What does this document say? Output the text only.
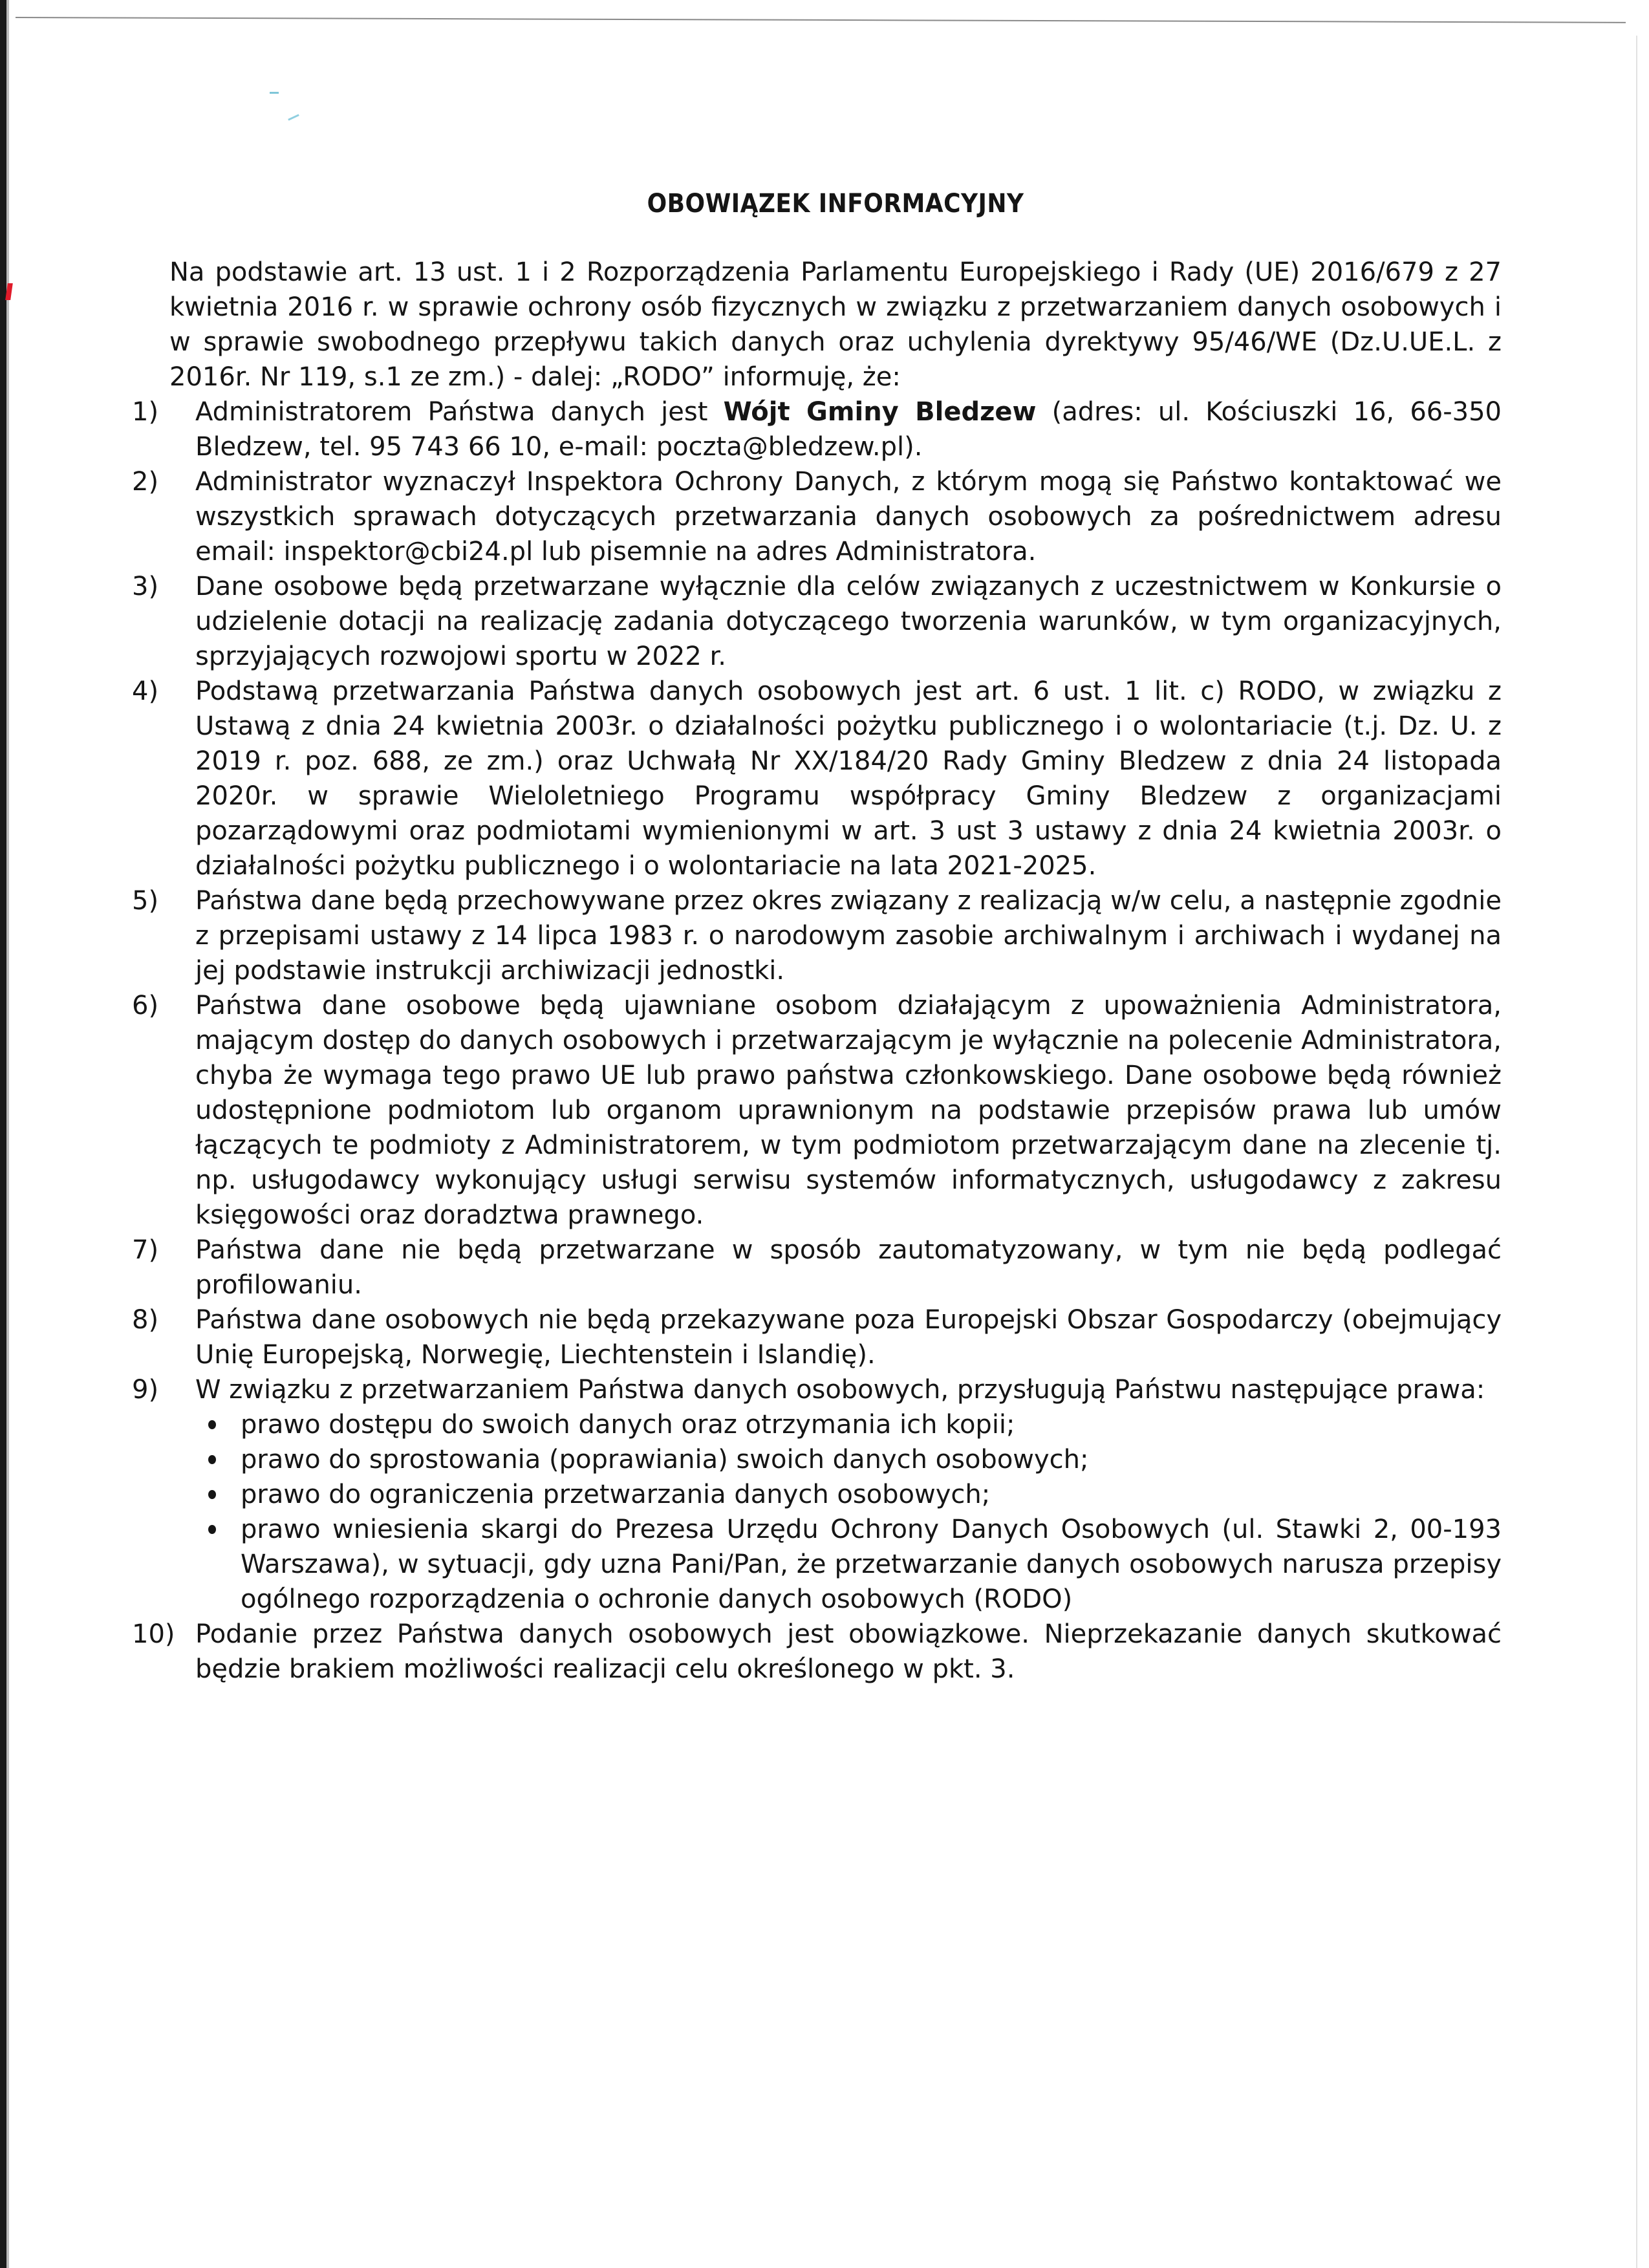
OBOWIĄZEK INFORMACYJNY

Na podstawie art. 13 ust. 1 i 2 Rozporządzenia Parlamentu Europejskiego i Rady (UE) 2016/679 z 27 kwietnia 2016 r. w sprawie ochrony osób fizycznych w związku z przetwarzaniem danych osobowych i w sprawie swobodnego przepływu takich danych oraz uchylenia dyrektywy 95/46/WE (Dz.U.UE.L. z 2016r. Nr 119, s.1 ze zm.) - dalej: „RODO” informuję, że:

1) Administratorem Państwa danych jest Wójt Gminy Bledzew (adres: ul. Kościuszki 16, 66-350 Bledzew, tel. 95 743 66 10, e-mail: poczta@bledzew.pl).
2) Administrator wyznaczył Inspektora Ochrony Danych, z którym mogą się Państwo kontaktować we wszystkich sprawach dotyczących przetwarzania danych osobowych za pośrednictwem adresu email: inspektor@cbi24.pl lub pisemnie na adres Administratora.
3) Dane osobowe będą przetwarzane wyłącznie dla celów związanych z uczestnictwem w Konkursie o udzielenie dotacji na realizację zadania dotyczącego tworzenia warunków, w tym organizacyjnych, sprzyjających rozwojowi sportu w 2022 r.
4) Podstawą przetwarzania Państwa danych osobowych jest art. 6 ust. 1 lit. c) RODO, w związku z Ustawą z dnia 24 kwietnia 2003r. o działalności pożytku publicznego i o wolontariacie (t.j. Dz. U. z 2019 r. poz. 688, ze zm.) oraz Uchwałą Nr XX/184/20 Rady Gminy Bledzew z dnia 24 listopada 2020r. w sprawie Wieloletniego Programu współpracy Gminy Bledzew z organizacjami pozarządowymi oraz podmiotami wymienionymi w art. 3 ust 3 ustawy z dnia 24 kwietnia 2003r. o działalności pożytku publicznego i o wolontariacie na lata 2021-2025.
5) Państwa dane będą przechowywane przez okres związany z realizacją w/w celu, a następnie zgodnie z przepisami ustawy z 14 lipca 1983 r. o narodowym zasobie archiwalnym i archiwach i wydanej na jej podstawie instrukcji archiwizacji jednostki.
6) Państwa dane osobowe będą ujawniane osobom działającym z upoważnienia Administratora, mającym dostęp do danych osobowych i przetwarzającym je wyłącznie na polecenie Administratora, chyba że wymaga tego prawo UE lub prawo państwa członkowskiego. Dane osobowe będą również udostępnione podmiotom lub organom uprawnionym na podstawie przepisów prawa lub umów łączących te podmioty z Administratorem, w tym podmiotom przetwarzającym dane na zlecenie tj. np. usługodawcy wykonujący usługi serwisu systemów informatycznych, usługodawcy z zakresu księgowości oraz doradztwa prawnego.
7) Państwa dane nie będą przetwarzane w sposób zautomatyzowany, w tym nie będą podlegać profilowaniu.
8) Państwa dane osobowych nie będą przekazywane poza Europejski Obszar Gospodarczy (obejmujący Unię Europejską, Norwegię, Liechtenstein i Islandię).
9) W związku z przetwarzaniem Państwa danych osobowych, przysługują Państwu następujące prawa:
prawo dostępu do swoich danych oraz otrzymania ich kopii;
prawo do sprostowania (poprawiania) swoich danych osobowych;
prawo do ograniczenia przetwarzania danych osobowych;
prawo wniesienia skargi do Prezesa Urzędu Ochrony Danych Osobowych (ul. Stawki 2, 00-193 Warszawa), w sytuacji, gdy uzna Pani/Pan, że przetwarzanie danych osobowych narusza przepisy ogólnego rozporządzenia o ochronie danych osobowych (RODO)
10) Podanie przez Państwa danych osobowych jest obowiązkowe. Nieprzekazanie danych skutkować będzie brakiem możliwości realizacji celu określonego w pkt. 3.
